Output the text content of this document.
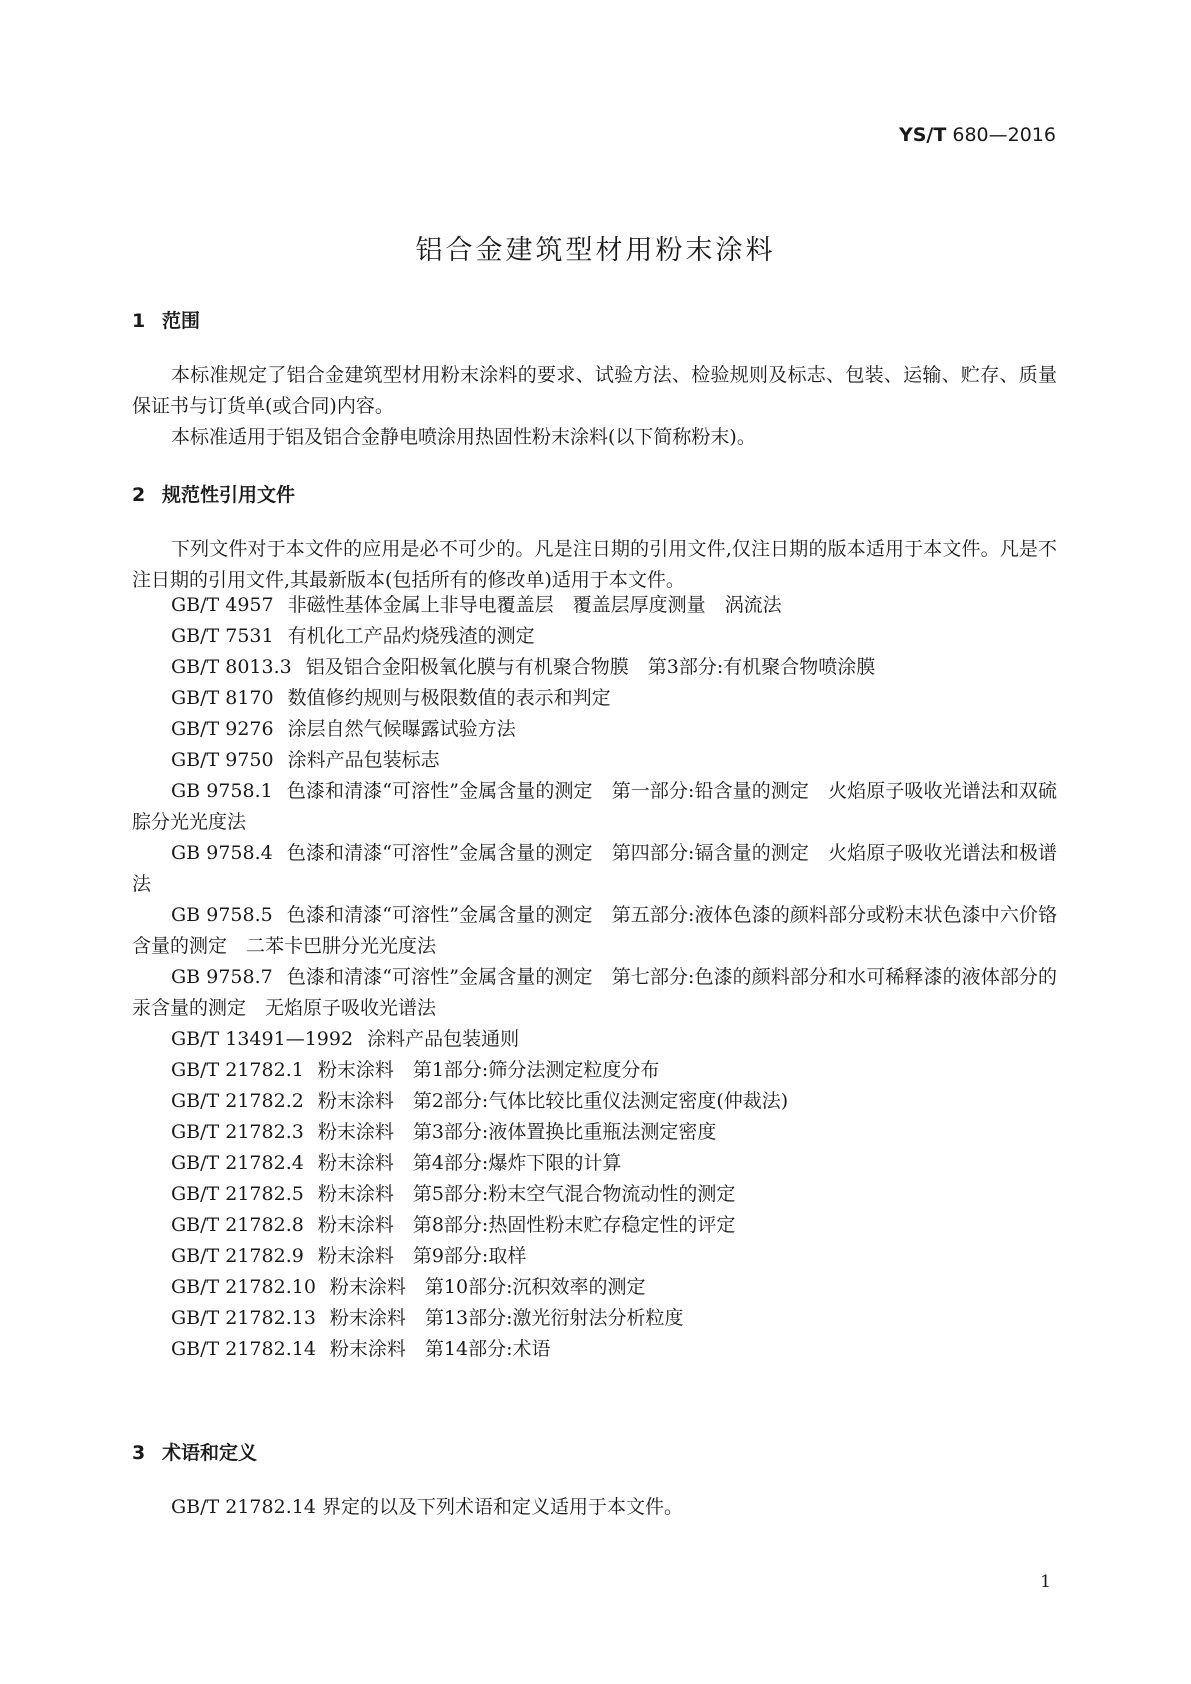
YS/T 680—2016
铝合金建筑型材用粉末涂料
1 范围

本标准规定了铝合金建筑型材用粉末涂料的要求、试验方法、检验规则及标志、包装、运输、贮存、质量保证书与订货单(或合同)内容。

本标准适用于铝及铝合金静电喷涂用热固性粉末涂料(以下简称粉末)。

2 规范性引用文件

下列文件对于本文件的应用是必不可少的。凡是注日期的引用文件,仅注日期的版本适用于本文件。凡是不注日期的引用文件,其最新版本(包括所有的修改单)适用于本文件。

GB/T 4957 非磁性基体金属上非导电覆盖层　覆盖层厚度测量　涡流法
GB/T 7531 有机化工产品灼烧残渣的测定
GB/T 8013.3 铝及铝合金阳极氧化膜与有机聚合物膜　第3部分:有机聚合物喷涂膜
GB/T 8170 数值修约规则与极限数值的表示和判定
GB/T 9276 涂层自然气候曝露试验方法
GB/T 9750 涂料产品包装标志
GB 9758.1 色漆和清漆“可溶性”金属含量的测定　第一部分:铅含量的测定　火焰原子吸收光谱法和双硫腙分光光度法
GB 9758.4 色漆和清漆“可溶性”金属含量的测定　第四部分:镉含量的测定　火焰原子吸收光谱法和极谱法
GB 9758.5 色漆和清漆“可溶性”金属含量的测定　第五部分:液体色漆的颜料部分或粉末状色漆中六价铬含量的测定　二苯卡巴肼分光光度法
GB 9758.7 色漆和清漆“可溶性”金属含量的测定　第七部分:色漆的颜料部分和水可稀释漆的液体部分的汞含量的测定　无焰原子吸收光谱法
GB/T 13491—1992 涂料产品包装通则
GB/T 21782.1 粉末涂料　第1部分:筛分法测定粒度分布
GB/T 21782.2 粉末涂料　第2部分:气体比较比重仪法测定密度(仲裁法)
GB/T 21782.3 粉末涂料　第3部分:液体置换比重瓶法测定密度
GB/T 21782.4 粉末涂料　第4部分:爆炸下限的计算
GB/T 21782.5 粉末涂料　第5部分:粉末空气混合物流动性的测定
GB/T 21782.8 粉末涂料　第8部分:热固性粉末贮存稳定性的评定
GB/T 21782.9 粉末涂料　第9部分:取样
GB/T 21782.10 粉末涂料　第10部分:沉积效率的测定
GB/T 21782.13 粉末涂料　第13部分:激光衍射法分析粒度
GB/T 21782.14 粉末涂料　第14部分:术语
3 术语和定义

GB/T 21782.14 界定的以及下列术语和定义适用于本文件。

1
